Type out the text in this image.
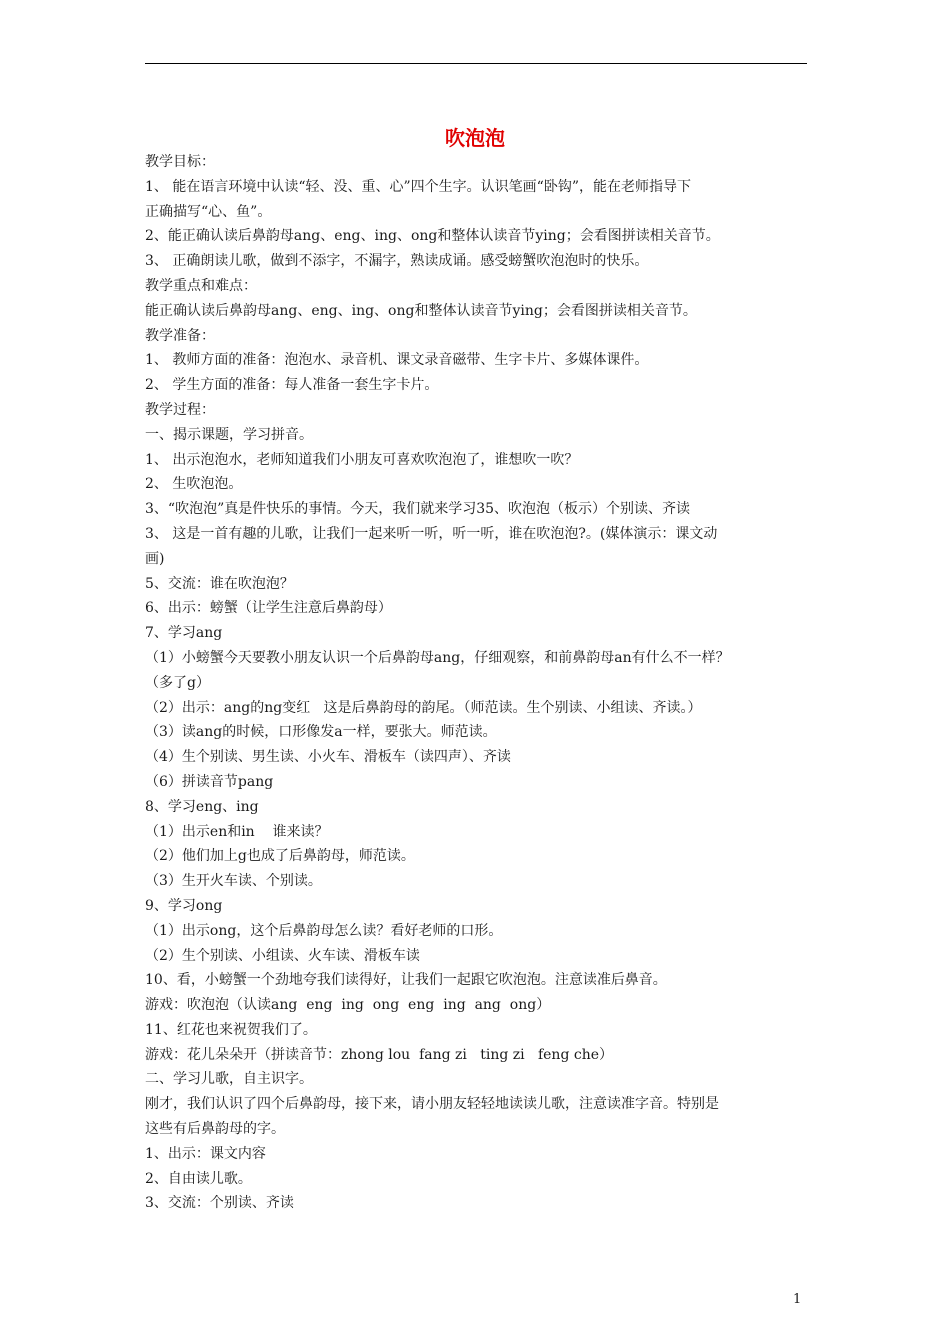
吹泡泡
教学目标：
1、 能在语言环境中认读“轻、没、重、心”四个生字。认识笔画“卧钩”，能在老师指导下
正确描写“心、鱼”。
2、能正确认读后鼻韵母ang、eng、ing、ong和整体认读音节ying；会看图拼读相关音节。
3、 正确朗读儿歌，做到不添字，不漏字，熟读成诵。感受螃蟹吹泡泡时的快乐。
教学重点和难点：
能正确认读后鼻韵母ang、eng、ing、ong和整体认读音节ying；会看图拼读相关音节。
教学准备：
1、 教师方面的准备：泡泡水、录音机、课文录音磁带、生字卡片、多媒体课件。
2、 学生方面的准备：每人准备一套生字卡片。
教学过程：
一、揭示课题，学习拼音。
1、 出示泡泡水，老师知道我们小朋友可喜欢吹泡泡了，谁想吹一吹？
2、 生吹泡泡。
3、“吹泡泡”真是件快乐的事情。今天，我们就来学习35、吹泡泡（板示）个别读、齐读
3、 这是一首有趣的儿歌，让我们一起来听一听，听一听，谁在吹泡泡?。(媒体演示：课文动
画)
5、交流：谁在吹泡泡？
6、出示：螃蟹（让学生注意后鼻韵母）
7、学习ang
（1）小螃蟹今天要教小朋友认识一个后鼻韵母ang，仔细观察，和前鼻韵母an有什么不一样？
（多了g）
（2）出示：ang的ng变红   这是后鼻韵母的韵尾。（师范读。生个别读、小组读、齐读。）
（3）读ang的时候，口形像发a一样，要张大。师范读。
（4）生个别读、男生读、小火车、滑板车（读四声）、齐读
（6）拼读音节pang
8、学习eng、ing
（1）出示en和in    谁来读？
（2）他们加上g也成了后鼻韵母，师范读。
（3）生开火车读、个别读。
9、学习ong
（1）出示ong，这个后鼻韵母怎么读？看好老师的口形。
（2）生个别读、小组读、火车读、滑板车读
10、看，小螃蟹一个劲地夸我们读得好，让我们一起跟它吹泡泡。注意读准后鼻音。
游戏：吹泡泡（认读ang  eng  ing  ong  eng  ing  ang  ong）
11、红花也来祝贺我们了。
游戏：花儿朵朵开（拼读音节：zhong lou  fang zi   ting zi   feng che）
二、学习儿歌，自主识字。
刚才，我们认识了四个后鼻韵母，接下来，请小朋友轻轻地读读儿歌，注意读准字音。特别是
这些有后鼻韵母的字。
1、出示：课文内容
2、自由读儿歌。
3、交流：个别读、齐读
1
